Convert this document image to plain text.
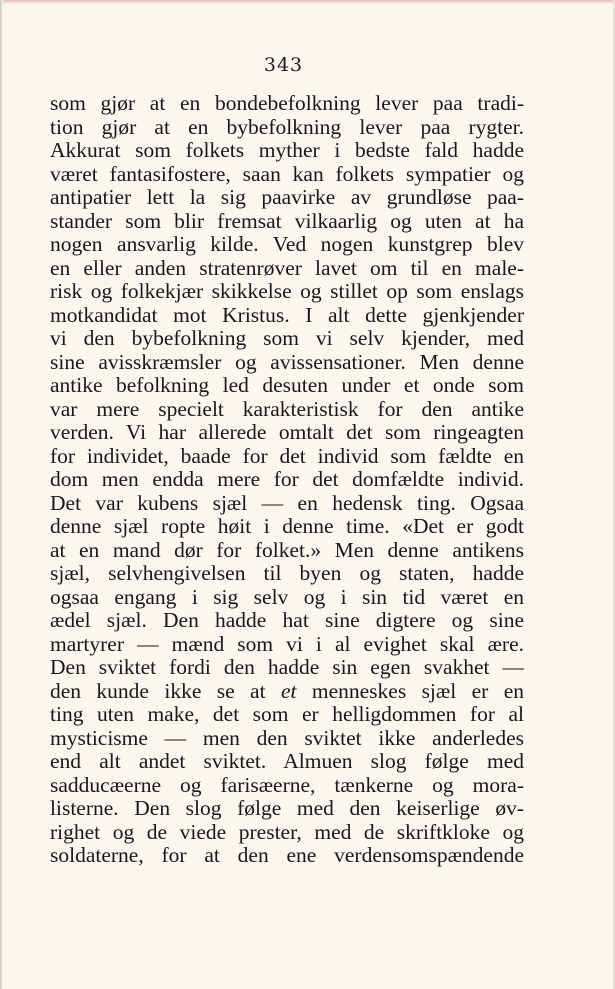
343
som gjør at en bondebefolkning lever paa tradi-
tion gjør at en bybefolkning lever paa rygter.
Akkurat som folkets myther i bedste fald hadde
været fantasifostere, saan kan folkets sympatier og
antipatier lett la sig paavirke av grundløse paa-
stander som blir fremsat vilkaarlig og uten at ha
nogen ansvarlig kilde. Ved nogen kunstgrep blev
en eller anden stratenrøver lavet om til en male-
risk og folkekjær skikkelse og stillet op som enslags
motkandidat mot Kristus. I alt dette gjenkjender
vi den bybefolkning som vi selv kjender, med
sine avisskræmsler og avissensationer. Men denne
antike befolkning led desuten under et onde som
var mere specielt karakteristisk for den antike
verden. Vi har allerede omtalt det som ringeagten
for individet, baade for det individ som fældte en
dom men endda mere for det domfældte individ.
Det var kubens sjæl — en hedensk ting. Ogsaa
denne sjæl ropte høit i denne time. «Det er godt
at en mand dør for folket.» Men denne antikens
sjæl, selvhengivelsen til byen og staten, hadde
ogsaa engang i sig selv og i sin tid været en
ædel sjæl. Den hadde hat sine digtere og sine
martyrer — mænd som vi i al evighet skal ære.
Den sviktet fordi den hadde sin egen svakhet —
den kunde ikke se at et menneskes sjæl er en
ting uten make, det som er helligdommen for al
mysticisme — men den sviktet ikke anderledes
end alt andet sviktet. Almuen slog følge med
sadducæerne og farisæerne, tænkerne og mora-
listerne. Den slog følge med den keiserlige øv-
righet og de viede prester, med de skriftkloke og
soldaterne, for at den ene verdensomspændende
